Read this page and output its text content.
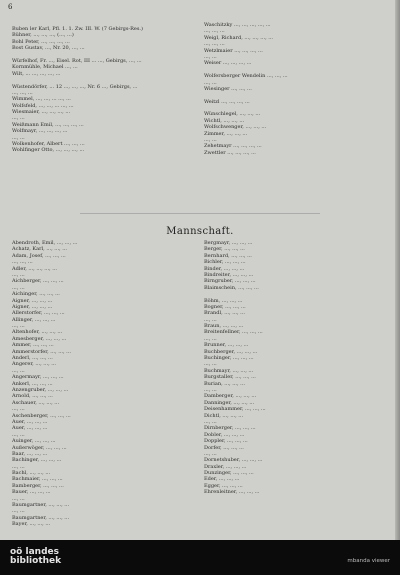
6
Buben ler Karl, Pfl. 1. 1. Zw. III. W. (7 Gebirgs-Res.)
Bühner, ..., ..., ..., (..., ...)
Bohl Peter, ..., ..., ..., ...
Bost Gustav, ..., Nr. 20, ..., ...
Würfelhof, Fr. ..., Eisel. Rot, III ... ..., Gebirgs, ..., ...
Kornmühle, Michael ..., ...
Wilt, ... ..., ..., ..., ...
Wüstendörfer, ... 12 ..., ..., ..., Nr. 6 ..., Gebirgs, ...
..., ..., ...
Wimmel, ..., ..., ... ..., ...
Wolfsfeld, ..., ..., ... ..., ...
Wiesmaier, ..., ..., ..., ...
..., ...
Weißmann Emil, ..., ..., ..., ...
Wolfmayr, ..., ..., ..., ...
..., ...
Wolkenhofer, Albert ..., ..., ...
Wohlfinger Otto, ..., ..., ..., ...
Waschitzky ..., ..., ..., ..., ...
..., ..., ...
Weigl, Richard, ..., ..., ..., ...
..., ..., ...
Wetzlmaier ..., ..., ..., ...
..., ...
Weiser ..., ..., ..., ...
Wolfersberger Wendelin ..., ..., ...
..., ...
Wiesinger ..., ..., ...
Weitzl ..., ..., ..., ...
Wünschlegel, ..., ..., ...
Wichtl, ..., ..., ...
Wolfschwenger, ..., ..., ...
Zimmer, ..., ..., ...
..., ...
Zehetmayr ..., ..., ..., ...
Zwettler ..., ..., ..., ...
Mannschaft.
Abendroth, Emil, ..., ..., ...
Achatz, Karl, ..., ..., ...
Adam, Josef, ..., ..., ...
..., ..., ...
Adler, ..., ..., ..., ...
..., ...
Aichberger, ..., ..., ...
..., ...
Aichinger, ..., ..., ...
Aigner, ..., ..., ...
Aigner, ..., ..., ...
Allerstorfer, ..., ..., ...
Allinger, ..., ..., ...
..., ...
Altenhofer, ..., ..., ...
Amesberger, ..., ..., ...
Ammer, ..., ..., ...
Ammerstorfer, ..., ..., ...
Anderl, ..., ..., ...
Angerer, ..., ..., ...
..., ...
Angermayr, ..., ..., ...
Ankerl, ..., ..., ...
Anzengruber, ..., ..., ...
Arnold, ..., ..., ...
Aschauer, ..., ..., ...
..., ...
Aschenberger, ..., ..., ...
Auer, ..., ..., ...
Auer, ..., ..., ...
..., ...
Auinger, ..., ..., ...
Außerwöger, ..., ..., ...
Baar, ..., ..., ...
Bachinger, ..., ..., ...
..., ...
Bachl, ..., ..., ...
Bachmaier, ..., ..., ...
Bamberger, ..., ..., ...
Bauer, ..., ..., ...
..., ...
Baumgartner, ..., ..., ...
..., ...
Baumgartner, ..., ..., ...
Bayer, ..., ..., ...
Bergmayr, ..., ..., ...
Berger, ..., ..., ...
Bernhard, ..., ..., ...
Bichler, ..., ..., ...
Binder, ..., ..., ...
Bindreiter, ..., ..., ...
Birngruber, ..., ..., ...
Blaimschein, ..., ..., ...
Böhm, ..., ..., ...
Bogner, ..., ..., ...
Brandl, ..., ..., ...
..., ...
Braun, ..., ..., ...
Breitenfellner, ..., ..., ...
..., ...
Brunner, ..., ..., ...
Buchberger, ..., ..., ...
Buchinger, ..., ..., ...
..., ...
Buchmayr, ..., ..., ...
Burgstaller, ..., ..., ...
Burian, ..., ..., ...
..., ...
Damberger, ..., ..., ...
Danninger, ..., ..., ...
Deisenhammer, ..., ..., ...
Dichtl, ..., ..., ...
..., ...
Dirnberger, ..., ..., ...
Dobler, ..., ..., ...
Doppler, ..., ..., ...
Dorfer, ..., ..., ...
..., ...
Dornetshuber, ..., ..., ...
Draxler, ..., ..., ...
Dunzinger, ..., ..., ...
Eder, ..., ..., ...
Egger, ..., ..., ...
Ehrenleitner, ..., ..., ...
oö landes
bibliothek	mbanda viewer
